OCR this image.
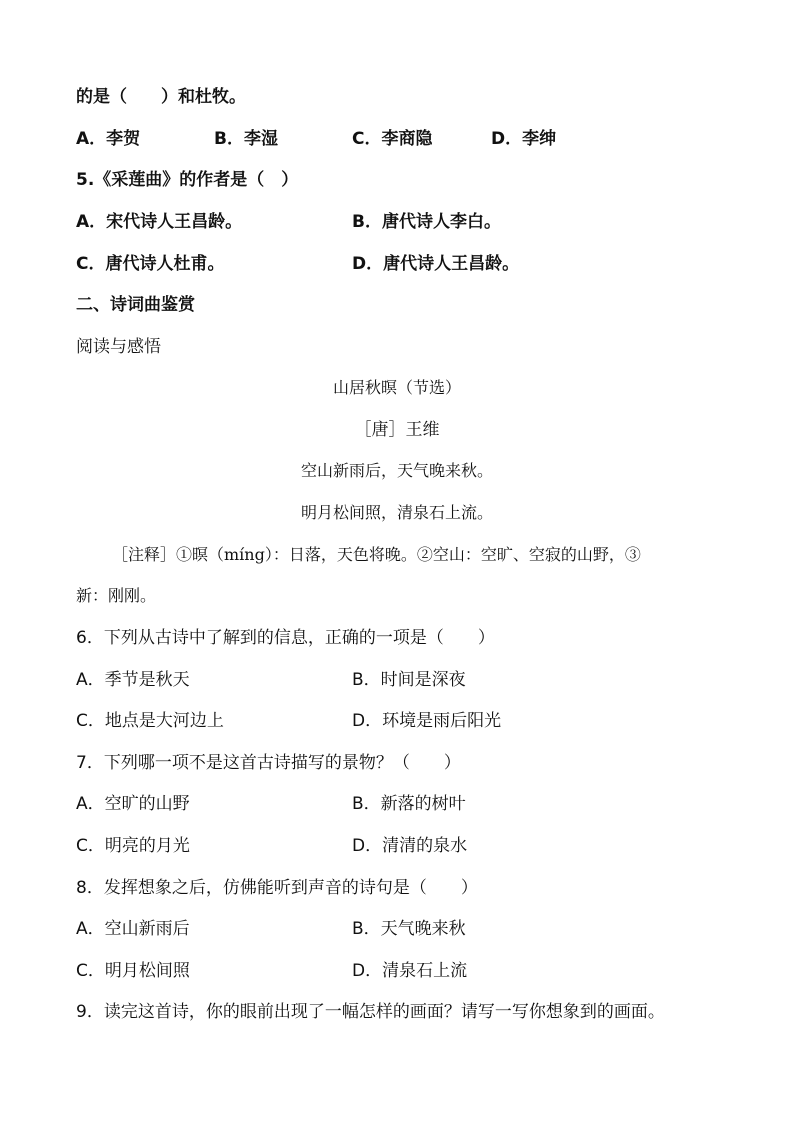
的是（　　）和杜牧。
A．李贺	B．李湿	C．李商隐	D．李绅
5.《采莲曲》的作者是（　）
A．宋代诗人王昌龄。	B．唐代诗人李白。
C．唐代诗人杜甫。	D．唐代诗人王昌龄。
二、诗词曲鉴赏
阅读与感悟
山居秋暝（节选）
［唐］王维
空山新雨后，天气晚来秋。
明月松间照，清泉石上流。
［注释］①暝（míng）：日落，天色将晚。②空山：空旷、空寂的山野，③
新：刚刚。
6．下列从古诗中了解到的信息，正确的一项是（　　）
A．季节是秋天	B．时间是深夜
C．地点是大河边上	D．环境是雨后阳光
7．下列哪一项不是这首古诗描写的景物？（　　）
A．空旷的山野	B．新落的树叶
C．明亮的月光	D．清清的泉水
8．发挥想象之后，仿佛能听到声音的诗句是（　　）
A．空山新雨后	B．天气晚来秋
C．明月松间照	D．清泉石上流
9．读完这首诗，你的眼前出现了一幅怎样的画面？请写一写你想象到的画面。
